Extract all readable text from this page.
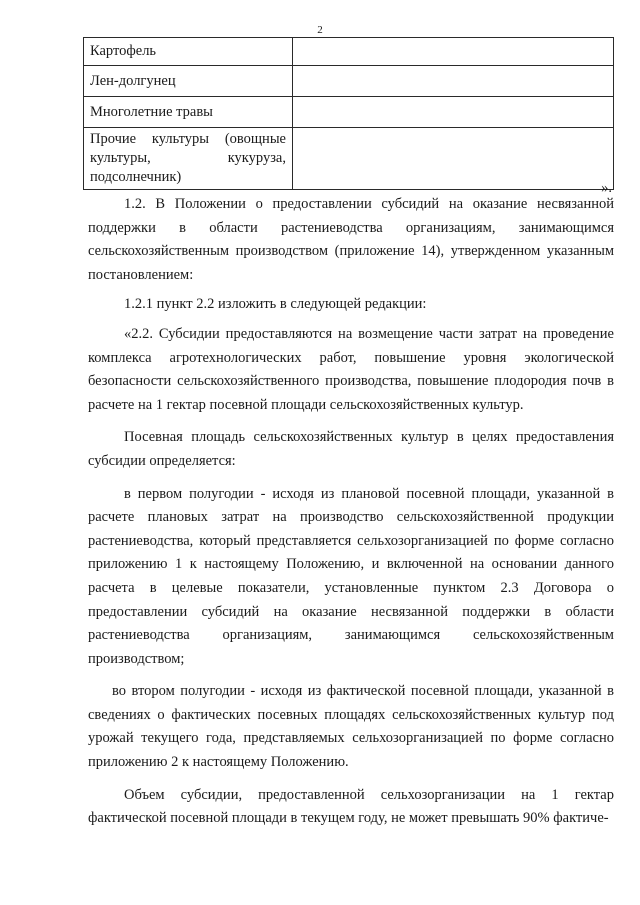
2
Картофель	
Лен-долгунец	
Многолетние травы	
Прочие культуры (овощные культуры, кукуруза, подсолнечник)	
».

1.2. В Положении о предоставлении субсидий на оказание несвязанной поддержки в области растениеводства организациям, занимающимся сельскохозяйственным производством (приложение 14), утвержденном указанным постановлением:

1.2.1 пункт 2.2 изложить в следующей редакции:

«2.2. Субсидии предоставляются на возмещение части затрат на проведение комплекса агротехнологических работ, повышение уровня экологической безопасности сельскохозяйственного производства, повышение плодородия почв в расчете на 1 гектар посевной площади сельскохозяйственных культур.

Посевная площадь сельскохозяйственных культур в целях предоставления субсидии определяется:

в первом полугодии - исходя из плановой посевной площади, указанной в расчете плановых затрат на производство сельскохозяйственной продукции растениеводства, который представляется сельхозорганизацией по форме согласно приложению 1 к настоящему Положению, и включенной на основании данного расчета в целевые показатели, установленные пунктом 2.3 Договора о предоставлении субсидий на оказание несвязанной поддержки в области растениеводства организациям, занимающимся сельскохозяйственным производством;

во втором полугодии - исходя из фактической посевной площади, указанной в сведениях о фактических посевных площадях сельскохозяйственных культур под урожай текущего года, представляемых сельхозорганизацией по форме согласно приложению 2 к настоящему Положению.

Объем субсидии, предоставленной сельхозорганизации на 1 гектар фактической посевной площади в текущем году, не может превышать 90% фактиче-
